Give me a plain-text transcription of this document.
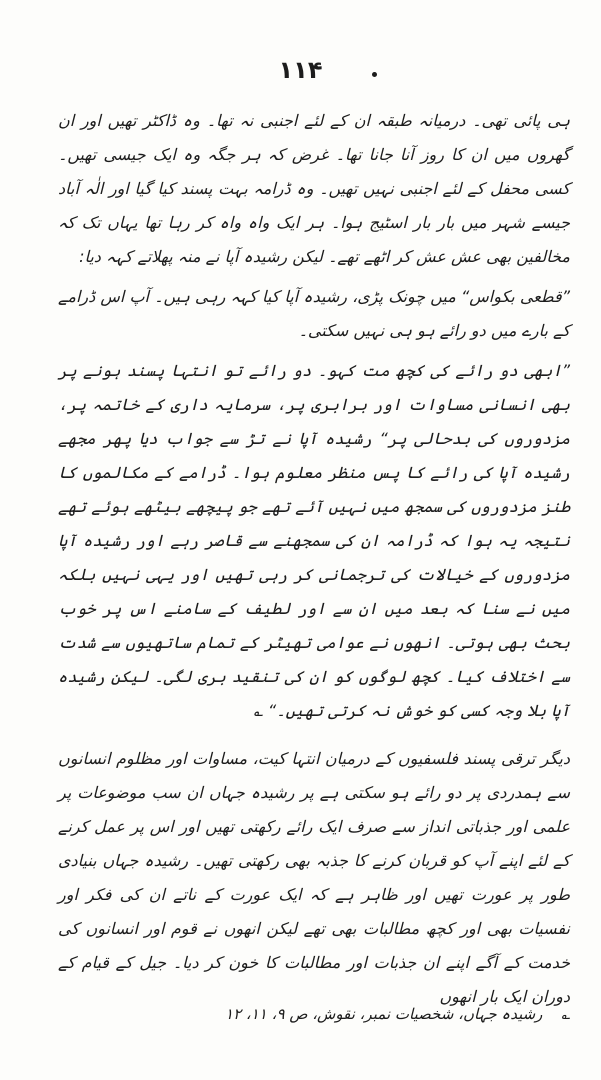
۱۱۴

ہی پائی تھی۔ درمیانہ طبقہ ان کے لئے اجنبی نہ تھا۔ وہ ڈاکٹر تھیں اور ان گھروں میں ان کا روز آنا جانا تھا۔ غرض کہ ہر جگہ وہ ایک جیسی تھیں۔ کسی محفل کے لئے اجنبی نہیں تھیں۔ وہ ڈرامہ بہت پسند کیا گیا اور الٰہ آباد جیسے شہر میں بار بار اسٹیج ہوا۔ ہر ایک واہ واہ کر رہا تھا یہاں تک کہ مخالفین بھی عش عش کر اٹھے تھے۔ لیکن رشیدہ آپا نے منہ پھلاتے کہہ دیا:

”قطعی بکواس“ میں چونک پڑی، رشیدہ آپا کیا کہہ رہی ہیں۔ آپ اس ڈرامے کے بارے میں دو رائے ہو ہی نہیں سکتی۔

”ابھی دو رائے کی کچھ مت کہو۔ دو رائے تو انتہا پسند ہونے پر بھی انسانی مساوات اور برابری پر، سرمایہ داری کے خاتمہ پر، مزدوروں کی بدحالی پر“ رشیدہ آپا نے تڑ سے جواب دیا پھر مجھے رشیدہ آپا کی رائے کا پس منظر معلوم ہوا۔ ڈرامے کے مکالموں کا طنز مزدوروں کی سمجھ میں نہیں آئے تھے جو پیچھے بیٹھے ہوئے تھے نتیجہ یہ ہوا کہ ڈرامہ ان کی سمجھنے سے قاصر رہے اور رشیدہ آپا مزدوروں کے خیالات کی ترجمانی کر رہی تھیں اور یہی نہیں بلکہ میں نے سنا کہ بعد میں ان سے اور لطیف کے سامنے اس پر خوب بحث بھی ہوتی۔ انھوں نے عوامی تھیٹر کے تمام ساتھیوں سے شدت سے اختلاف کیا۔ کچھ لوگوں کو ان کی تنقید بری لگی۔ لیکن رشیدہ آپا بلا وجہ کسی کو خوش نہ کرتی تھیں۔“ ؎

دیگر ترقی پسند فلسفیوں کے درمیان انتہا کیت، مساوات اور مظلوم انسانوں سے ہمدردی پر دو رائے ہو سکتی ہے پر رشیدہ جہاں ان سب موضوعات پر علمی اور جذباتی انداز سے صرف ایک رائے رکھتی تھیں اور اس پر عمل کرنے کے لئے اپنے آپ کو قربان کرنے کا جذبہ بھی رکھتی تھیں۔ رشیدہ جہاں بنیادی طور پر عورت تھیں اور ظاہر ہے کہ ایک عورت کے ناتے ان کی فکر اور نفسیات بھی اور کچھ مطالبات بھی تھے لیکن انھوں نے قوم اور انسانوں کی خدمت کے آگے اپنے ان جذبات اور مطالبات کا خون کر دیا۔ جیل کے قیام کے دوران ایک بار انھوں

؎ رشیدہ جہاں، شخصیات نمبر، نقوش، ص ۹، ۱۱، ۱۲
